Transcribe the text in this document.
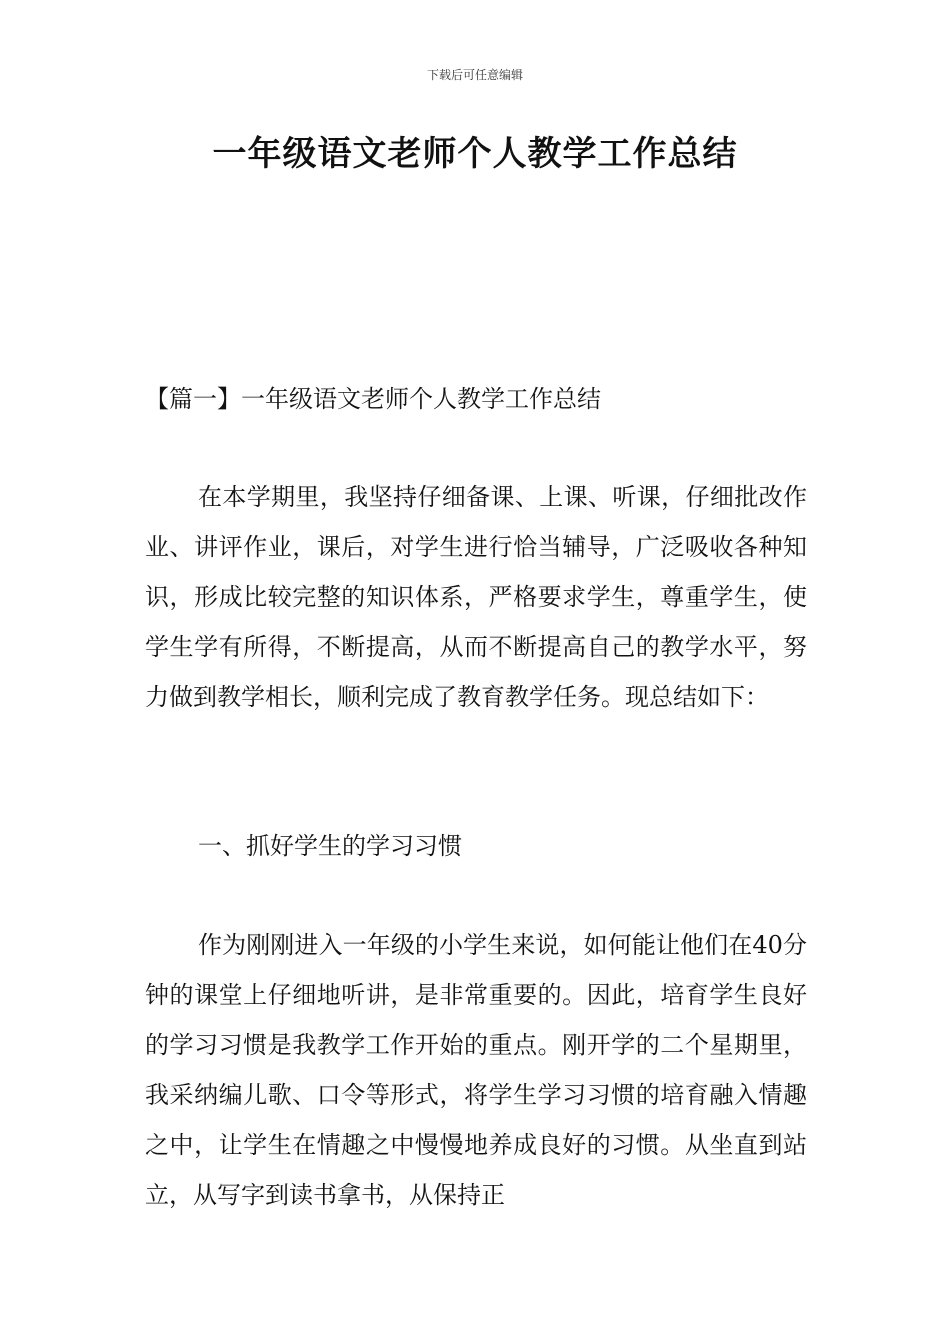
下载后可任意编辑
一年级语文老师个人教学工作总结

【篇一】一年级语文老师个人教学工作总结

在本学期里，我坚持仔细备课、上课、听课，仔细批改作业、讲评作业，课后，对学生进行恰当辅导，广泛吸收各种知识，形成比较完整的知识体系，严格要求学生，尊重学生，使学生学有所得，不断提高，从而不断提高自己的教学水平，努力做到教学相长，顺利完成了教育教学任务。现总结如下：

一、抓好学生的学习习惯

作为刚刚进入一年级的小学生来说，如何能让他们在40分钟的课堂上仔细地听讲，是非常重要的。因此，培育学生良好的学习习惯是我教学工作开始的重点。刚开学的二个星期里，我采纳编儿歌、口令等形式，将学生学习习惯的培育融入情趣之中，让学生在情趣之中慢慢地养成良好的习惯。从坐直到站立，从写字到读书拿书，从保持正
